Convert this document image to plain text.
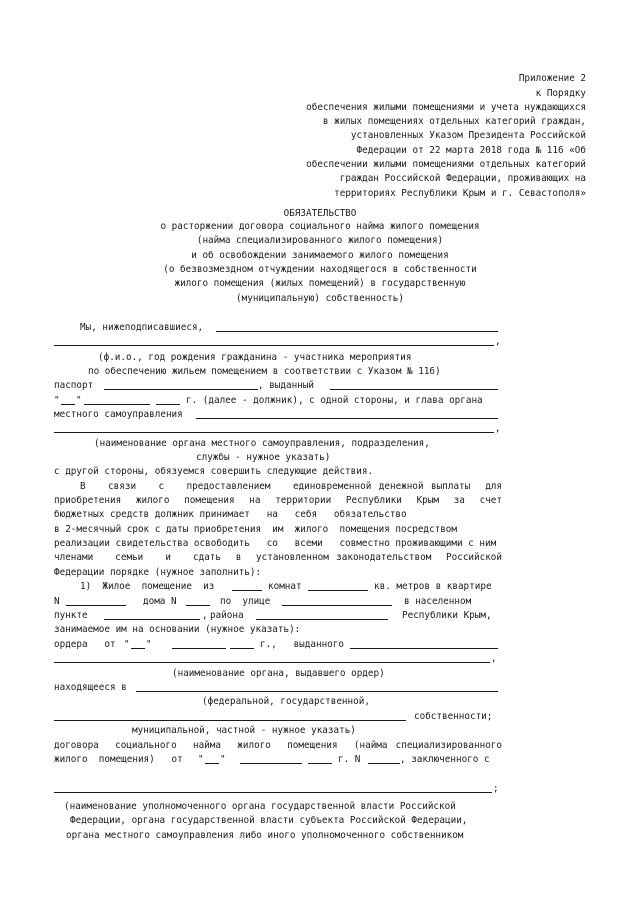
Приложение 2
к Порядку
обеспечения жилыми помещениями и учета нуждающихся
в жилых помещениях отдельных категорий граждан,
установленных Указом Президента Российской
Федерации от 22 марта 2018 года № 116 «Об
обеспечении жилыми помещениями отдельных категорий
граждан Российской Федерации, проживающих на
территориях Республики Крым и г. Севастополя»
ОБЯЗАТЕЛЬСТВО
о расторжении договора социального найма жилого помещения
(найма специализированного жилого помещения)
и об освобождении занимаемого жилого помещения
(о безвозмездном отчуждении находящегося в собственности
жилого помещения (жилых помещений) в государственную
(муниципальную) собственность)
Мы, нижеподписавшиеся,
,
(ф.и.о., год рождения гражданина - участника мероприятия
по обеспечению жильем помещением в соответствии с Указом № 116)
паспорт	, выданный
" "	г. (далее - должник), с одной стороны, и глава органа
местного самоуправления
,
(наименование органа местного самоуправления, подразделения,
службы - нужное указать)
с другой стороны, обязуемся совершить следующие действия.
В   связи   с   предоставлением   единовременной денежной выплаты  для
приобретения жилого помещения на территории Республики Крым за счет
бюджетных средств должник принимает   на   себя   обязательство
в 2-месячный срок с даты приобретения  им  жилого  помещения посредством
реализации свидетельства освободить   со   всеми   совместно проживающими с ним
членами   семьи   и   сдать  в  установленном законодательством  Российской
Федерации порядке (нужное заполнить):
1)  Жилое  помещение  из	комнат	кв. метров в квартире
N	дома N	по  улице	в населенном
пункте	, района	Республики Крым,
занимаемое им на основании (нужное указать):
ордера   от " "	г.,   выданного
,
(наименование органа, выдавшего ордер)
находящееся в
(федеральной, государственной,
собственности;
муниципальной, частной - нужное указать)
договора  социального  найма  жилого  помещения  (найма специализированного
жилого  помещения)   от " "	г. N	, заключенного с
;
(наименование уполномоченного органа государственной власти Российской
Федерации, органа государственной власти субъекта Российской Федерации,
органа местного самоуправления либо иного уполномоченного собственником
